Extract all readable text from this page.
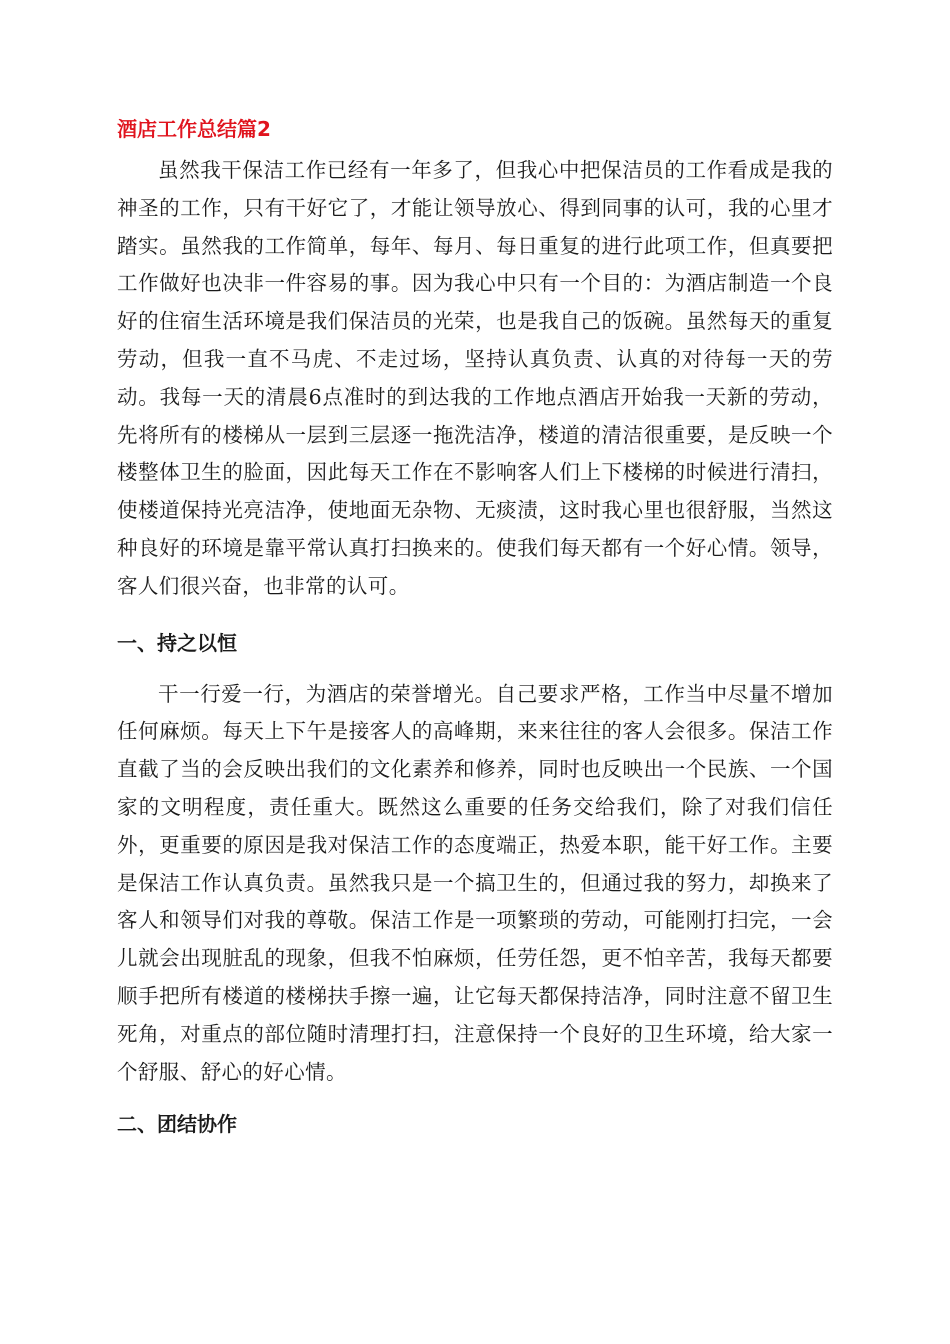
酒店工作总结篇2

虽然我干保洁工作已经有一年多了，但我心中把保洁员的工作看成是我的神圣的工作，只有干好它了，才能让领导放心、得到同事的认可，我的心里才踏实。虽然我的工作简单，每年、每月、每日重复的进行此项工作，但真要把工作做好也决非一件容易的事。因为我心中只有一个目的：为酒店制造一个良好的住宿生活环境是我们保洁员的光荣，也是我自己的饭碗。虽然每天的重复劳动，但我一直不马虎、不走过场，坚持认真负责、认真的对待每一天的劳动。我每一天的清晨6点准时的到达我的工作地点酒店开始我一天新的劳动，先将所有的楼梯从一层到三层逐一拖洗洁净，楼道的清洁很重要，是反映一个楼整体卫生的脸面，因此每天工作在不影响客人们上下楼梯的时候进行清扫，使楼道保持光亮洁净，使地面无杂物、无痰渍，这时我心里也很舒服，当然这种良好的环境是靠平常认真打扫换来的。使我们每天都有一个好心情。领导，客人们很兴奋，也非常的认可。

一、持之以恒

干一行爱一行，为酒店的荣誉增光。自己要求严格，工作当中尽量不增加任何麻烦。每天上下午是接客人的高峰期，来来往往的客人会很多。保洁工作直截了当的会反映出我们的文化素养和修养，同时也反映出一个民族、一个国家的文明程度，责任重大。既然这么重要的任务交给我们，除了对我们信任外，更重要的原因是我对保洁工作的态度端正，热爱本职，能干好工作。主要是保洁工作认真负责。虽然我只是一个搞卫生的，但通过我的努力，却换来了客人和领导们对我的尊敬。保洁工作是一项繁琐的劳动，可能刚打扫完，一会儿就会出现脏乱的现象，但我不怕麻烦，任劳任怨，更不怕辛苦，我每天都要顺手把所有楼道的楼梯扶手擦一遍，让它每天都保持洁净，同时注意不留卫生死角，对重点的部位随时清理打扫，注意保持一个良好的卫生环境，给大家一个舒服、舒心的好心情。

二、团结协作
